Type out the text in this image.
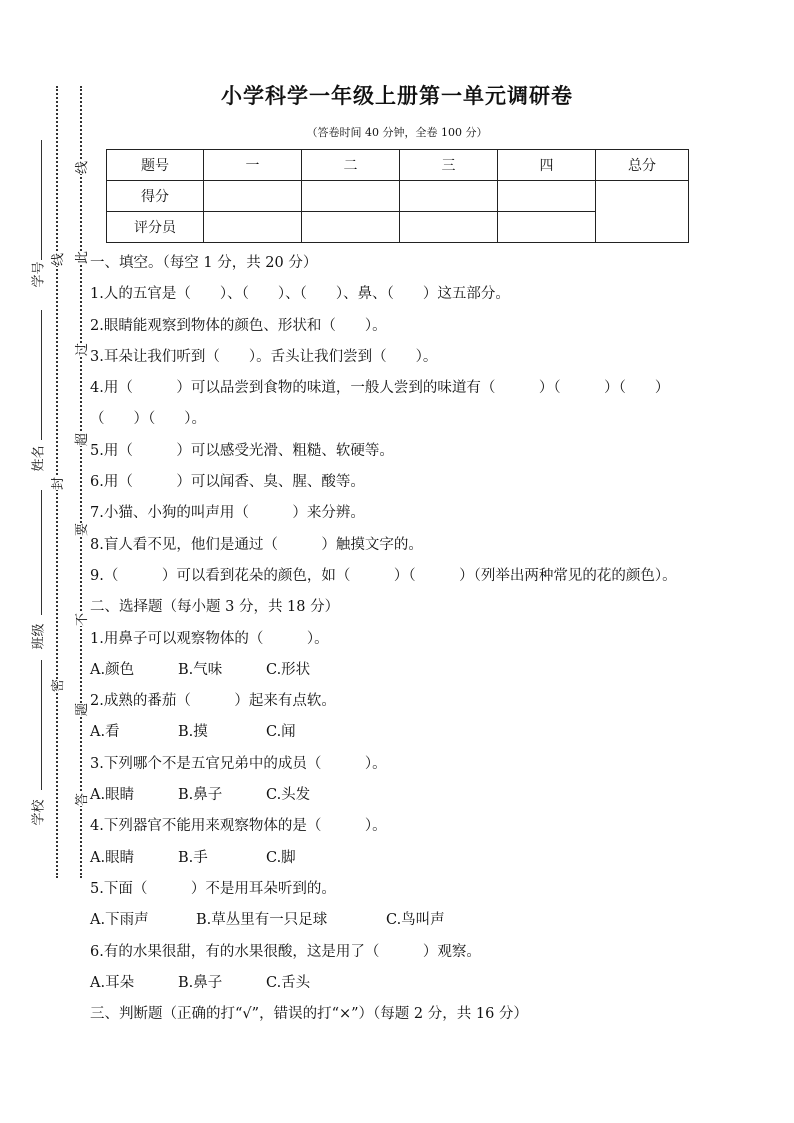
学号
姓名
班级
学校
线
封
密
线
此
过
超
要
不
题
答
小学科学一年级上册第一单元调研卷
（答卷时间 40 分钟，全卷 100 分）
题号	一	二	三	四	总分
得分					
评分员					
一、填空。（每空 1 分，共 20 分）
1.人的五官是（　　）、（　　）、（　　）、鼻、（　　）这五部分。
2.眼睛能观察到物体的颜色、形状和（　　）。
3.耳朵让我们听到（　　）。舌头让我们尝到（　　）。
4.用（　　　）可以品尝到食物的味道，一般人尝到的味道有（　　　）（　　　）（　　）（　　）（　　）。
5.用（　　　）可以感受光滑、粗糙、软硬等。
6.用（　　　）可以闻香、臭、腥、酸等。
7.小猫、小狗的叫声用（　　　）来分辨。
8.盲人看不见，他们是通过（　　　）触摸文字的。
9.（　　　）可以看到花朵的颜色，如（　　　）（　　　）（列举出两种常见的花的颜色）。
二、选择题（每小题 3 分，共 18 分）
1.用鼻子可以观察物体的（　　　）。
A.颜色	B.气味	C.形状
2.成熟的番茄（　　　）起来有点软。
A.看	B.摸	C.闻
3.下列哪个不是五官兄弟中的成员（　　　）。
A.眼睛	B.鼻子	C.头发
4.下列器官不能用来观察物体的是（　　　）。
A.眼睛	B.手	C.脚
5.下面（　　　）不是用耳朵听到的。
A.下雨声	B.草丛里有一只足球	C.鸟叫声
6.有的水果很甜，有的水果很酸，这是用了（　　　）观察。
A.耳朵	B.鼻子	C.舌头
三、判断题（正确的打“√”，错误的打“×”）（每题 2 分，共 16 分）
